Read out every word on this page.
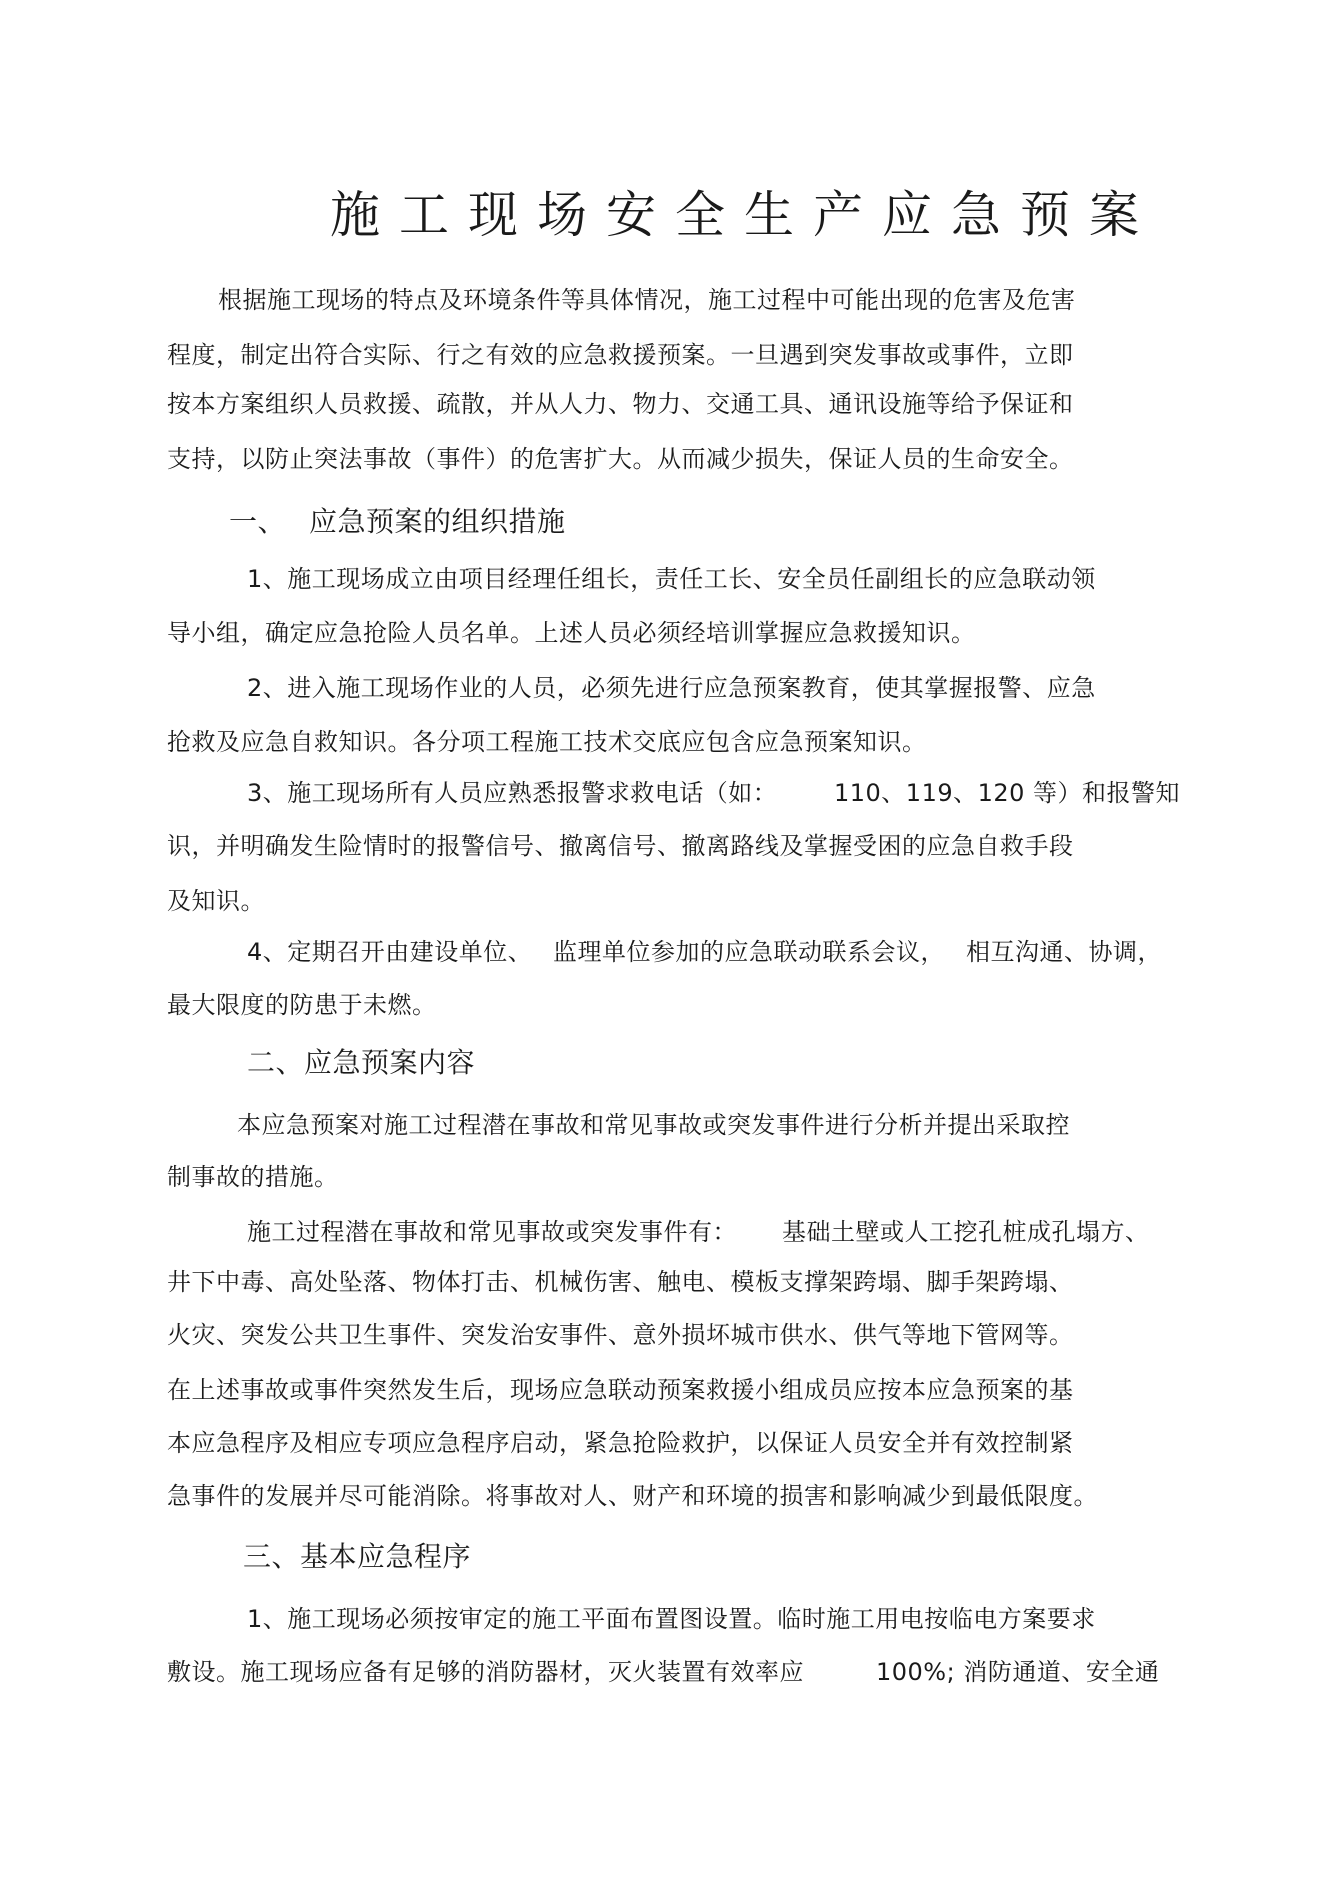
施工现场安全生产应急预案
根据施工现场的特点及环境条件等具体情况，施工过程中可能出现的危害及危害
程度，制定出符合实际、行之有效的应急救援预案。一旦遇到突发事故或事件，立即
按本方案组织人员救援、疏散，并从人力、物力、交通工具、通讯设施等给予保证和
支持，以防止突法事故（事件）的危害扩大。从而减少损失，保证人员的生命安全。
一、 应急预案的组织措施
1、施工现场成立由项目经理任组长，责任工长、安全员任副组长的应急联动领
导小组，确定应急抢险人员名单。上述人员必须经培训掌握应急救援知识。
2、进入施工现场作业的人员，必须先进行应急预案教育，使其掌握报警、应急
抢救及应急自救知识。各分项工程施工技术交底应包含应急预案知识。
3、施工现场所有人员应熟悉报警求救电话（如： 110、119、120 等）和报警知
识，并明确发生险情时的报警信号、撤离信号、撤离路线及掌握受困的应急自救手段
及知识。
4、定期召开由建设单位、 监理单位参加的应急联动联系会议， 相互沟通、协调，
最大限度的防患于未燃。
二、应急预案内容
本应急预案对施工过程潜在事故和常见事故或突发事件进行分析并提出采取控
制事故的措施。
施工过程潜在事故和常见事故或突发事件有： 基础土壁或人工挖孔桩成孔塌方、
井下中毒、高处坠落、物体打击、机械伤害、触电、模板支撑架跨塌、脚手架跨塌、
火灾、突发公共卫生事件、突发治安事件、意外损坏城市供水、供气等地下管网等。
在上述事故或事件突然发生后，现场应急联动预案救援小组成员应按本应急预案的基
本应急程序及相应专项应急程序启动，紧急抢险救护，以保证人员安全并有效控制紧
急事件的发展并尽可能消除。将事故对人、财产和环境的损害和影响减少到最低限度。
三、基本应急程序
1、施工现场必须按审定的施工平面布置图设置。临时施工用电按临电方案要求
敷设。施工现场应备有足够的消防器材，灭火装置有效率应	100%; 消防通道、安全通
